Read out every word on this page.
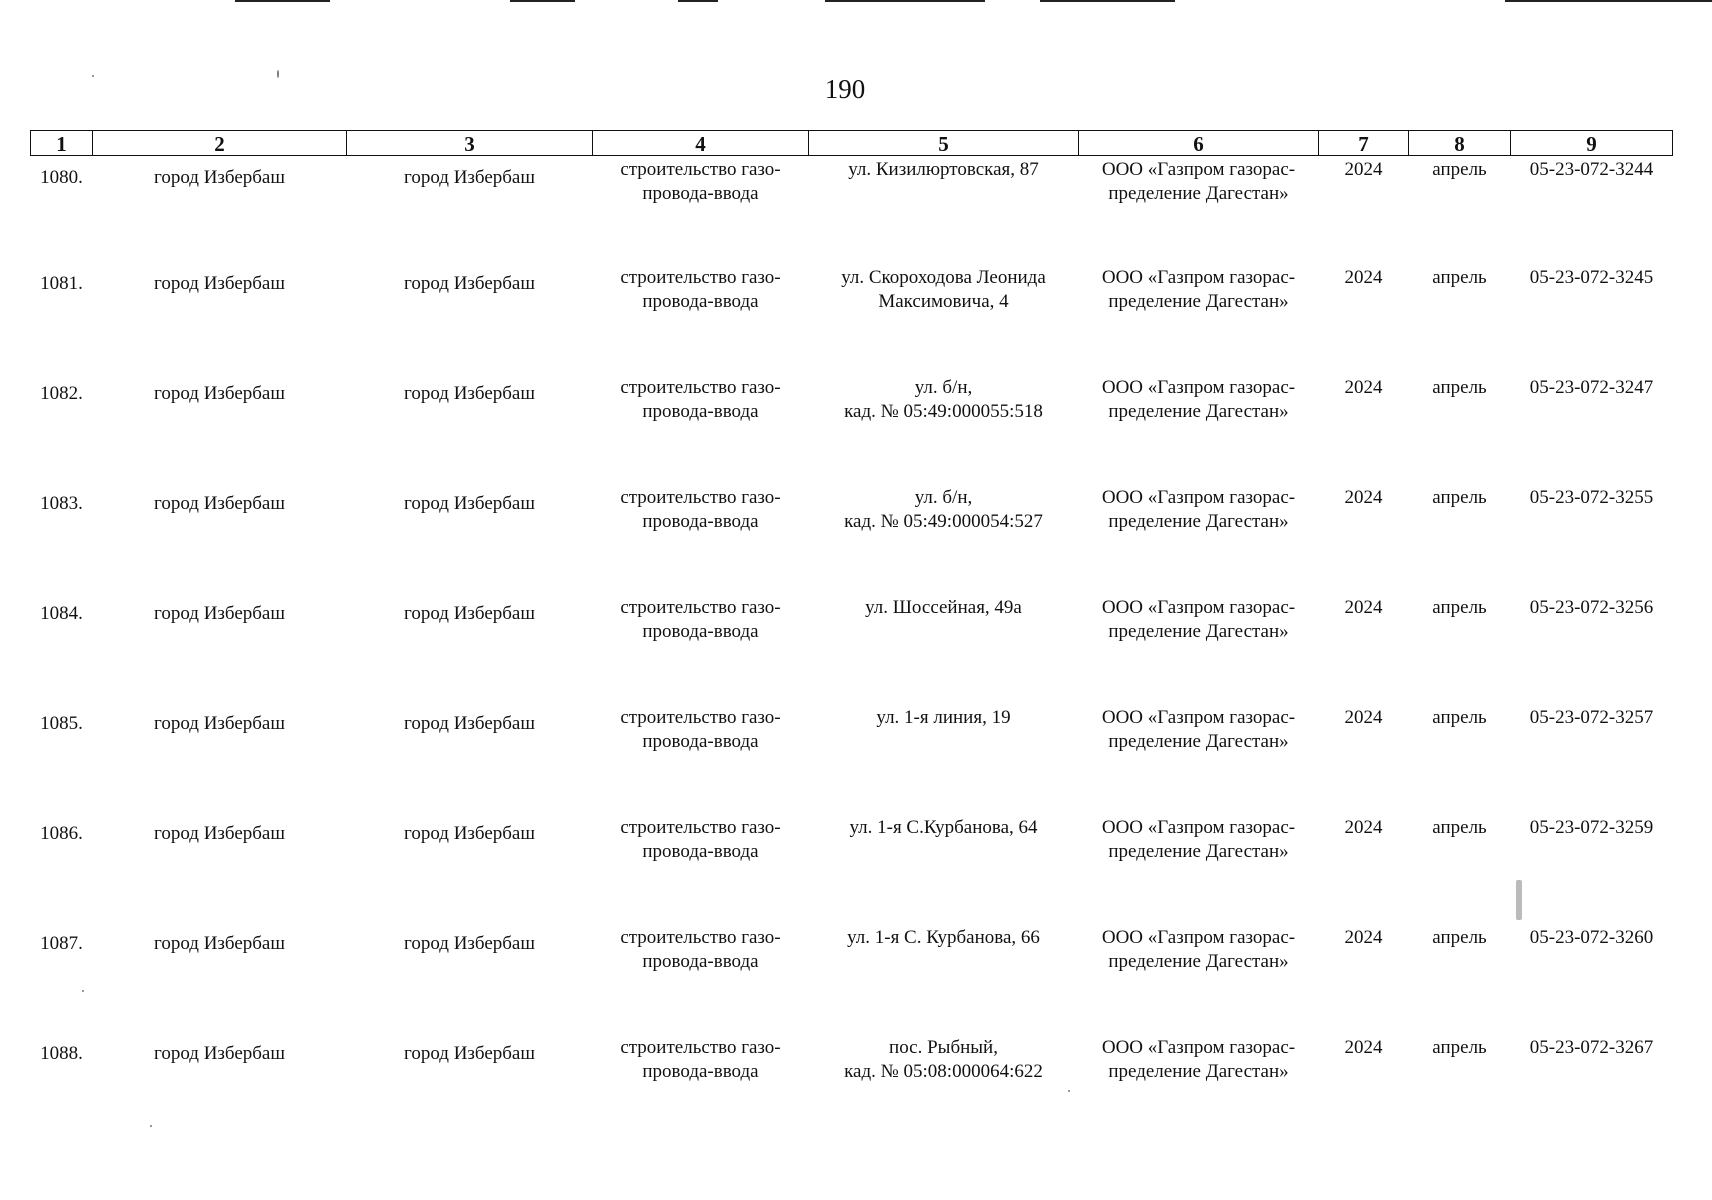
190
1	2	3	4	5	6	7	8	9
1080.	город Избербаш	город Избербаш	строительство газо-
провода-ввода	ул. Кизилюртовская, 87	ООО «Газпром газорас-
пределение Дагестан»	2024	апрель	05-23-072-3244
1081.	город Избербаш	город Избербаш	строительство газо-
провода-ввода	ул. Скороходова Леонида
Максимовича, 4	ООО «Газпром газорас-
пределение Дагестан»	2024	апрель	05-23-072-3245
1082.	город Избербаш	город Избербаш	строительство газо-
провода-ввода	ул. б/н,
кад. № 05:49:000055:518	ООО «Газпром газорас-
пределение Дагестан»	2024	апрель	05-23-072-3247
1083.	город Избербаш	город Избербаш	строительство газо-
провода-ввода	ул. б/н,
кад. № 05:49:000054:527	ООО «Газпром газорас-
пределение Дагестан»	2024	апрель	05-23-072-3255
1084.	город Избербаш	город Избербаш	строительство газо-
провода-ввода	ул. Шоссейная, 49а	ООО «Газпром газорас-
пределение Дагестан»	2024	апрель	05-23-072-3256
1085.	город Избербаш	город Избербаш	строительство газо-
провода-ввода	ул. 1-я линия, 19	ООО «Газпром газорас-
пределение Дагестан»	2024	апрель	05-23-072-3257
1086.	город Избербаш	город Избербаш	строительство газо-
провода-ввода	ул. 1-я С.Курбанова, 64	ООО «Газпром газорас-
пределение Дагестан»	2024	апрель	05-23-072-3259
1087.	город Избербаш	город Избербаш	строительство газо-
провода-ввода	ул. 1-я С. Курбанова, 66	ООО «Газпром газорас-
пределение Дагестан»	2024	апрель	05-23-072-3260
1088.	город Избербаш	город Избербаш	строительство газо-
провода-ввода	пос. Рыбный,
кад. № 05:08:000064:622	ООО «Газпром газорас-
пределение Дагестан»	2024	апрель	05-23-072-3267
